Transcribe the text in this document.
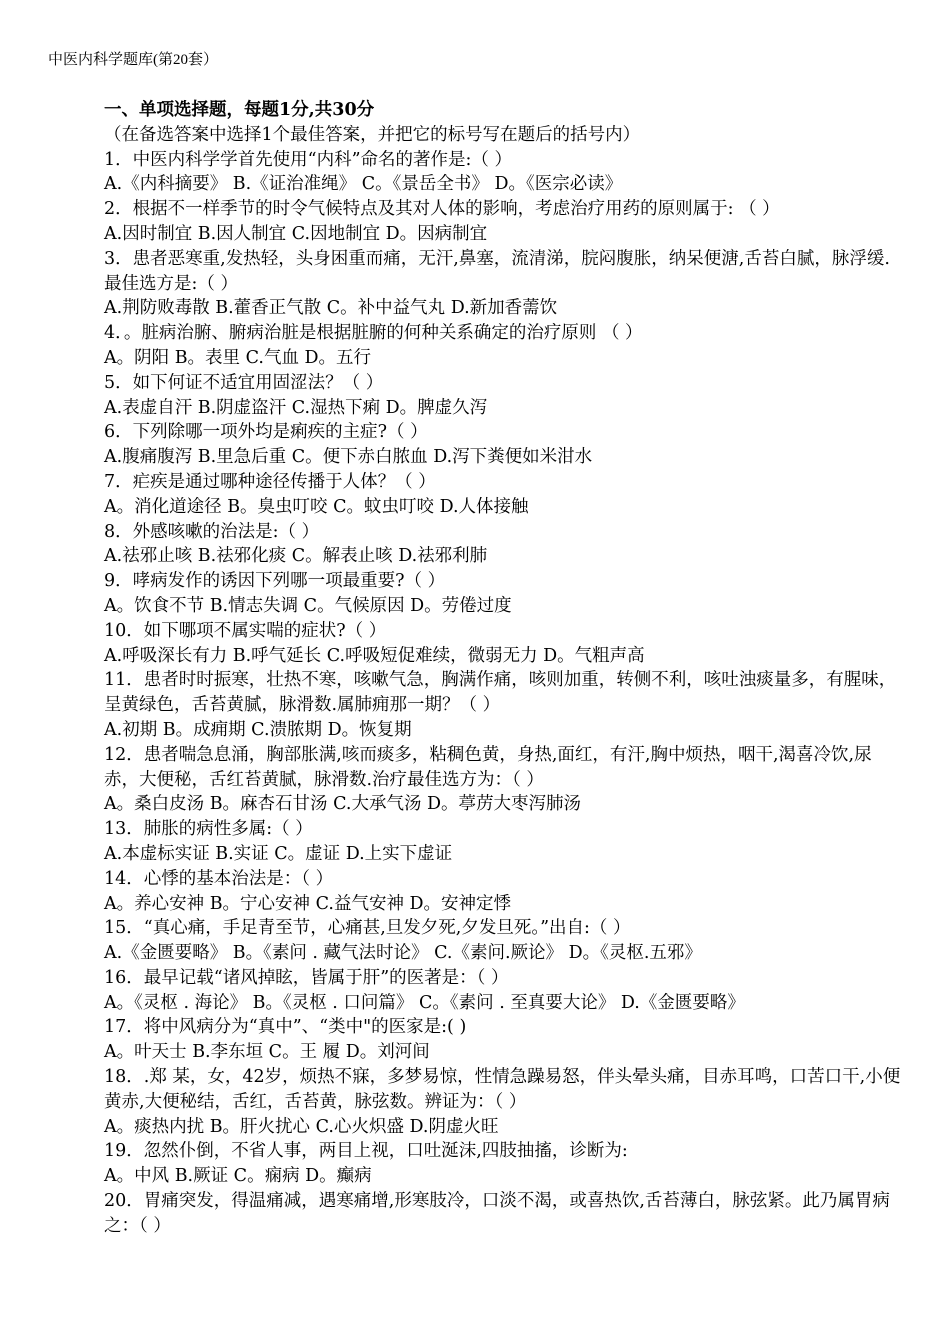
中医内科学题库(第20套）
一、单项选择题，每题1分,共30分（在备选答案中选择1个最佳答案，并把它的标号写在题后的括号内）
1．中医内科学学首先使用“内科”命名的著作是:（ ）
A.《内科摘要》 B.《证治准绳》 C。《景岳全书》 D。《医宗必读》
2．根据不一样季节的时令气候特点及其对人体的影响，考虑治疗用药的原则属于: （ ）
A.因时制宜 B.因人制宜 C.因地制宜 D。因病制宜
3．患者恶寒重,发热轻，头身困重而痛，无汗,鼻塞，流清涕，脘闷腹胀，纳呆便溏,舌苔白腻，脉浮缓.最佳选方是:（ ）
A.荆防败毒散 B.藿香正气散 C。补中益气丸 D.新加香薷饮
4．。脏病治腑、腑病治脏是根据脏腑的何种关系确定的治疗原则 （ ）
A。阴阳 B。表里 C.气血 D。五行
5．如下何证不适宜用固涩法？（ ）
A.表虚自汗 B.阴虚盗汗 C.湿热下痢 D。脾虚久泻
6．下列除哪一项外均是痢疾的主症?（ ）
A.腹痛腹泻 B.里急后重 C。便下赤白脓血 D.泻下粪便如米泔水
7．疟疾是通过哪种途径传播于人体？（ ）
A。消化道途径 B。臭虫叮咬 C。蚊虫叮咬 D.人体接触
8．外感咳嗽的治法是:（ ）
A.祛邪止咳 B.祛邪化痰 C。解表止咳 D.祛邪利肺
9．哮病发作的诱因下列哪一项最重要?（ ）
A。饮食不节 B.情志失调 C。气候原因 D。劳倦过度
10．如下哪项不属实喘的症状?（ ）
A.呼吸深长有力 B.呼气延长 C.呼吸短促难续，微弱无力 D。气粗声高
11．患者时时振寒，壮热不寒，咳嗽气急，胸满作痛，咳则加重，转侧不利，咳吐浊痰量多，有腥味，呈黄绿色，舌苔黄腻，脉滑数.属肺痈那一期？（ ）
A.初期 B。成痈期 C.溃脓期 D。恢复期
12．患者喘急息涌，胸部胀满,咳而痰多，粘稠色黄，身热,面红，有汗,胸中烦热，咽干,渴喜冷饮,尿赤，大便秘，舌红苔黄腻，脉滑数.治疗最佳选方为：（ ）
A。桑白皮汤 B。麻杏石甘汤 C.大承气汤 D。葶苈大枣泻肺汤
13．肺胀的病性多属:（ ）
A.本虚标实证 B.实证 C。虚证 D.上实下虚证
14．心悸的基本治法是：（ ）
A。养心安神 B。宁心安神 C.益气安神 D。安神定悸
15．“真心痛，手足青至节，心痛甚,旦发夕死,夕发旦死。”出自:（ ）
A.《金匮要略》 B。《素问 . 藏气法时论》 C.《素问.厥论》 D。《灵枢.五邪》
16．最早记载“诸风掉眩，皆属于肝”的医著是：（ ）
A。《灵枢 . 海论》 B。《灵枢 . 口问篇》 C。《素问 . 至真要大论》 D.《金匮要略》
17．将中风病分为“真中”、“类中"的医家是:( )
A。叶天士 B.李东垣 C。王 履 D。刘河间
18．.郑 某，女，42岁，烦热不寐，多梦易惊，性情急躁易怒，伴头晕头痛，目赤耳鸣，口苦口干,小便黄赤,大便秘结，舌红，舌苔黄，脉弦数。辨证为：（ ）
A。痰热内扰 B。肝火扰心 C.心火炽盛 D.阴虚火旺
19．忽然仆倒，不省人事，两目上视，口吐涎沫,四肢抽搐，诊断为:
A。中风 B.厥证 C。痫病 D。癫病
20．胃痛突发，得温痛减，遇寒痛增,形寒肢冷，口淡不渴，或喜热饮,舌苔薄白，脉弦紧。此乃属胃病之：（ ）
